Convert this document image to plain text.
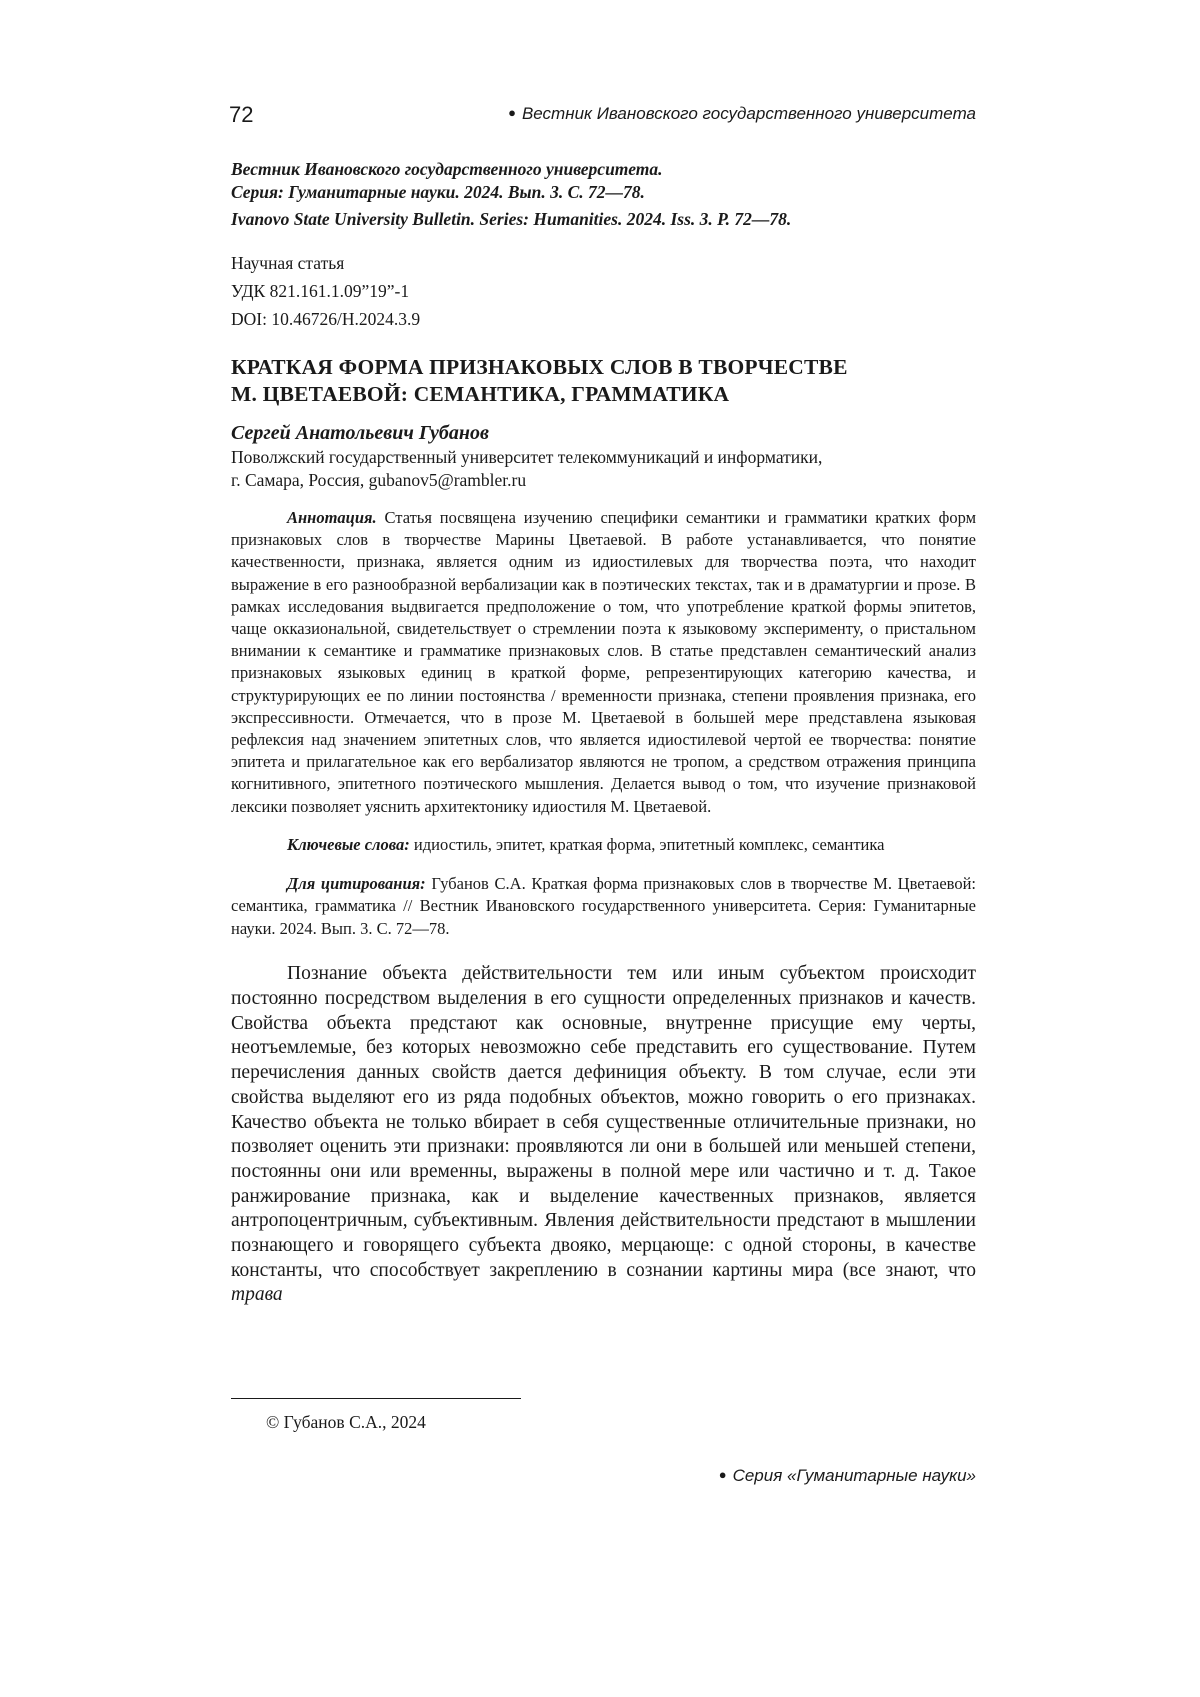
72	● Вестник Ивановского государственного университета

Вестник Ивановского государственного университета.
Серия: Гуманитарные науки. 2024. Вып. 3. С. 72—78.

Ivanovo State University Bulletin. Series: Humanities. 2024. Iss. 3. P. 72—78.

Научная статья
УДК 821.161.1.09”19”-1
DOI: 10.46726/H.2024.3.9
КРАТКАЯ ФОРМА ПРИЗНАКОВЫХ СЛОВ В ТВОРЧЕСТВЕ
М. ЦВЕТАЕВОЙ: СЕМАНТИКА, ГРАММАТИКА
Сергей Анатольевич Губанов
Поволжский государственный университет телекоммуникаций и информатики,
г. Самара, Россия, gubanov5@rambler.ru

Аннотация. Статья посвящена изучению специфики семантики и грамматики кратких форм признаковых слов в творчестве Марины Цветаевой. В работе устанавливается, что понятие качественности, признака, является одним из идиостилевых для творчества поэта, что находит выражение в его разнообразной вербализации как в поэтических текстах, так и в драматургии и прозе. В рамках исследования выдвигается предположение о том, что употребление краткой формы эпитетов, чаще окказиональной, свидетельствует о стремлении поэта к языковому эксперименту, о пристальном внимании к семантике и грамматике признаковых слов. В статье представлен семантический анализ признаковых языковых единиц в краткой форме, репрезентирующих категорию качества, и структурирующих ее по линии постоянства / временности признака, степени проявления признака, его экспрессивности. Отмечается, что в прозе М. Цветаевой в большей мере представлена языковая рефлексия над значением эпитетных слов, что является идиостилевой чертой ее творчества: понятие эпитета и прилагательное как его вербализатор являются не тропом, а средством отражения принципа когнитивного, эпитетного поэтического мышления. Делается вывод о том, что изучение признаковой лексики позволяет уяснить архитектонику идиостиля М. Цветаевой.

Ключевые слова: идиостиль, эпитет, краткая форма, эпитетный комплекс, семантика

Для цитирования: Губанов С.А. Краткая форма признаковых слов в творчестве М. Цветаевой: семантика, грамматика // Вестник Ивановского государственного университета. Серия: Гуманитарные науки. 2024. Вып. 3. С. 72—78.

Познание объекта действительности тем или иным субъектом происходит постоянно посредством выделения в его сущности определенных признаков и качеств. Свойства объекта предстают как основные, внутренне присущие ему черты, неотъемлемые, без которых невозможно себе представить его существование. Путем перечисления данных свойств дается дефиниция объекту. В том случае, если эти свойства выделяют его из ряда подобных объектов, можно говорить о его признаках. Качество объекта не только вбирает в себя существенные отличительные признаки, но позволяет оценить эти признаки: проявляются ли они в большей или меньшей степени, постоянны они или временны, выражены в полной мере или частично и т. д. Такое ранжирование признака, как и выделение качественных признаков, является антропоцентричным, субъективным. Явления действительности предстают в мышлении познающего и говорящего субъекта двояко, мерцающе: с одной стороны, в качестве константы, что способствует закреплению в сознании картины мира (все знают, что трава

© Губанов С.А., 2024
● Серия «Гуманитарные науки»
